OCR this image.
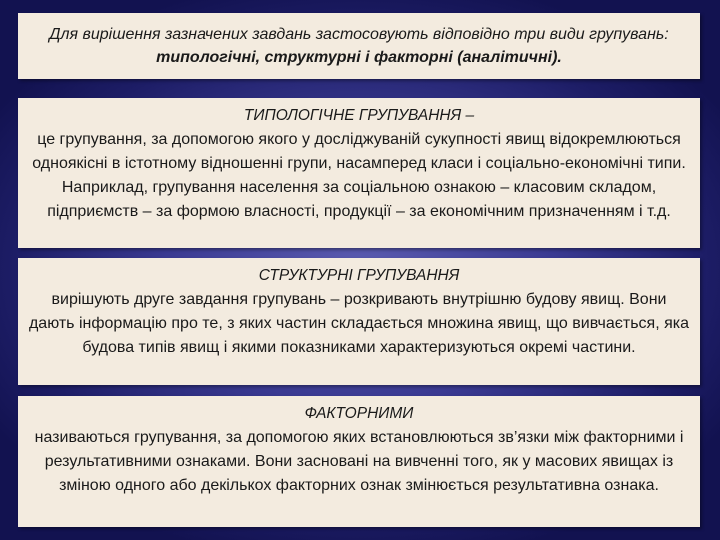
Для вирішення зазначених завдань застосовують відповідно три види групувань: типологічні, структурні і факторні (аналітичні).
ТИПОЛОГІЧНЕ ГРУПУВАННЯ –
це групування, за допомогою якого у досліджуваній сукупності явищ відокремлюються одноякісні в істотному відношенні групи, насамперед класи і соціально-економічні типи. Наприклад, групування населення за соціальною ознакою – класовим складом, підприємств – за формою власності, продукції – за економічним призначенням і т.д.
СТРУКТУРНІ ГРУПУВАННЯ
вирішують друге завдання групувань – розкривають внутрішню будову явищ. Вони дають інформацію про те, з яких частин складається множина явищ, що вивчається, яка будова типів явищ і якими показниками характеризуються окремі частини.
ФАКТОРНИМИ
називаються групування, за допомогою яких встановлюються зв’язки між факторними і результативними ознаками. Вони засновані на вивченні того, як у масових явищах із зміною одного або декількох факторних ознак змінюється результативна ознака.
